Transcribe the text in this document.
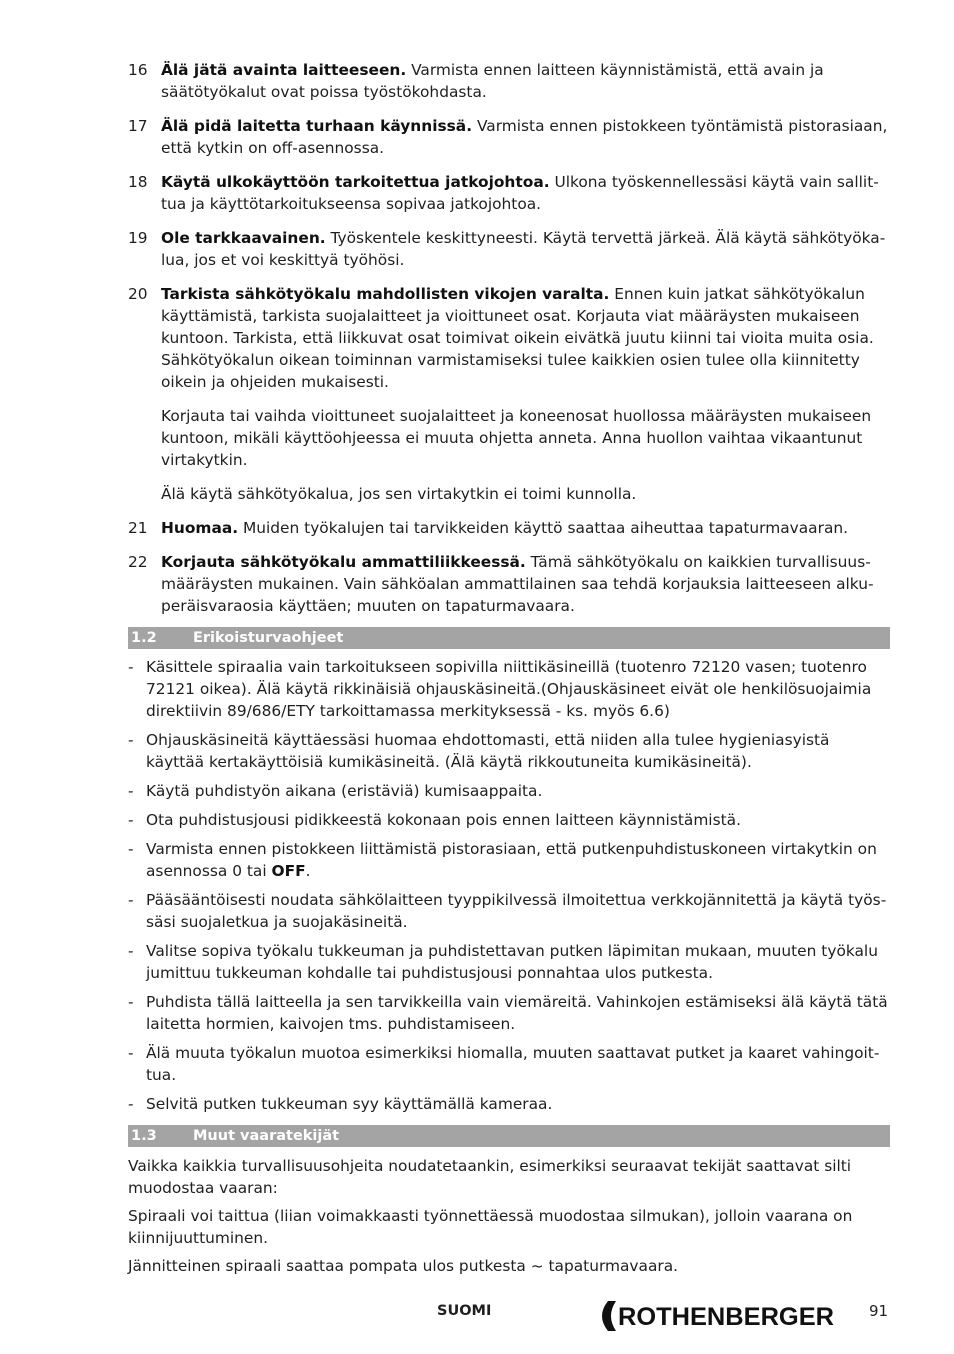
16 Älä jätä avainta laitteeseen. Varmista ennen laitteen käynnistämistä, että avain ja säätötyökalut ovat poissa työstökohdasta.
17 Älä pidä laitetta turhaan käynnissä. Varmista ennen pistokkeen työntämistä pistorasiaan, että kytkin on off-asennossa.
18 Käytä ulkokäyttöön tarkoitettua jatkojohtoa. Ulkona työskennellessäsi käytä vain sallittua ja käyttötarkoitukseensa sopivaa jatkojohtoa.
19 Ole tarkkaavainen. Työskentele keskittyneesti. Käytä tervettä järkeä. Älä käytä sähkötyökalua, jos et voi keskittyä työhösi.
20 Tarkista sähkötyökalu mahdollisten vikojen varalta. Ennen kuin jatkat sähkötyökalun käyttämistä, tarkista suojalaitteet ja vioittuneet osat. Korjauta viat määräysten mukaiseen kuntoon. Tarkista, että liikkuvat osat toimivat oikein eivätkä juutu kiinni tai vioita muita osia. Sähkötyökalun oikean toiminnan varmistamiseksi tulee kaikkien osien tulee olla kiinnitetty oikein ja ohjeiden mukaisesti.

Korjauta tai vaihda vioittuneet suojalaitteet ja koneenosat huollossa määräysten mukaiseen kuntoon, mikäli käyttöohjeessa ei muuta ohjetta anneta. Anna huollon vaihtaa vikaantunut virtakytkin.

Älä käytä sähkötyökalua, jos sen virtakytkin ei toimi kunnolla.

21 Huomaa. Muiden työkalujen tai tarvikkeiden käyttö saattaa aiheuttaa tapaturmavaaran.
22 Korjauta sähkötyökalu ammattiliikkeessä. Tämä sähkötyökalu on kaikkien turvallisuusmääräysten mukainen. Vain sähköalan ammattilainen saa tehdä korjauksia laitteeseen alkuperäisvaraosia käyttäen; muuten on tapaturmavaara.
1.2	Erikoisturvaohjeet
- Käsittele spiraalia vain tarkoitukseen sopivilla niittikäsineillä (tuotenro 72120 vasen; tuotenro 72121 oikea). Älä käytä rikkinäisiä ohjauskäsineitä.(Ohjauskäsineet eivät ole henkilösuojaimia direktiivin 89/686/ETY tarkoittamassa merkityksessä - ks. myös 6.6)
- Ohjauskäsineitä käyttäessäsi huomaa ehdottomasti, että niiden alla tulee hygieniasyistä käyttää kertakäyttöisiä kumikäsineitä. (Älä käytä rikkoutuneita kumikäsineitä).
- Käytä puhdistyön aikana (eristäviä) kumisaappaita.
- Ota puhdistusjousi pidikkeestä kokonaan pois ennen laitteen käynnistämistä.
- Varmista ennen pistokkeen liittämistä pistorasiaan, että putkenpuhdistuskoneen virtakytkin on asennossa 0 tai OFF.
- Pääsääntöisesti noudata sähkölaitteen tyyppikilvessä ilmoitettua verkkojännitettä ja käytä työssäsi suojaletkua ja suojakäsineitä.
- Valitse sopiva työkalu tukkeuman ja puhdistettavan putken läpimitan mukaan, muuten työkalu jumittuu tukkeuman kohdalle tai puhdistusjousi ponnahtaa ulos putkesta.
- Puhdista tällä laitteella ja sen tarvikkeilla vain viemäreitä. Vahinkojen estämiseksi älä käytä tätä laitetta hormien, kaivojen tms. puhdistamiseen.
- Älä muuta työkalun muotoa esimerkiksi hiomalla, muuten saattavat putket ja kaaret vahingoittua.
- Selvitä putken tukkeuman syy käyttämällä kameraa.
1.3	Muut vaaratekijät

Vaikka kaikkia turvallisuusohjeita noudatetaankin, esimerkiksi seuraavat tekijät saattavat silti muodostaa vaaran:

Spiraali voi taittua (liian voimakkaasti työnnettäessä muodostaa silmukan), jolloin vaarana on kiinnijuuttuminen.

Jännitteinen spiraali saattaa pompata ulos putkesta ~ tapaturmavaara.

SUOMI	ROTHENBERGER 91
